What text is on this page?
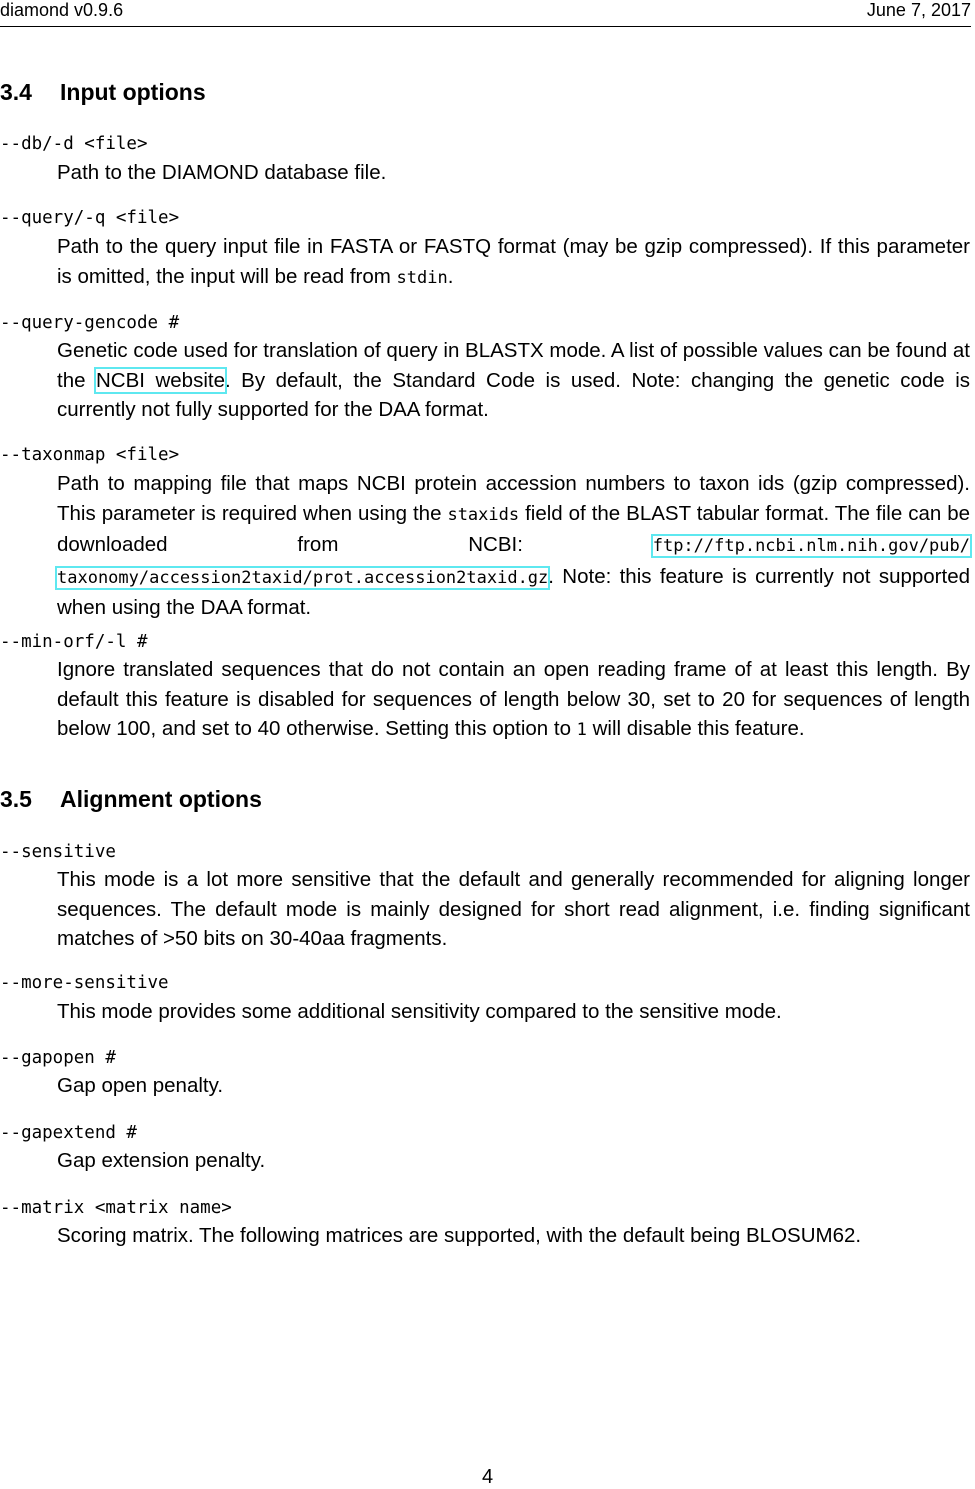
diamond v0.9.6	June 7, 2017
3.4 Input options
--db/-d <file>

Path to the DIAMOND database file.

--query/-q <file>

Path to the query input file in FASTA or FASTQ format (may be gzip compressed). If this parameter is omitted, the input will be read from stdin.

--query-gencode #

Genetic code used for translation of query in BLASTX mode. A list of possible values can be found at the NCBI website. By default, the Standard Code is used. Note: changing the genetic code is currently not fully supported for the DAA format.

--taxonmap <file>

Path to mapping file that maps NCBI protein accession numbers to taxon ids (gzip compressed). This parameter is required when using the staxids field of the BLAST tabular format. The file can be downloaded from NCBI: ftp://ftp.ncbi.nlm.nih.gov/pub/ taxonomy/accession2taxid/prot.accession2taxid.gz. Note: this feature is currently not supported when using the DAA format.

--min-orf/-l #

Ignore translated sequences that do not contain an open reading frame of at least this length. By default this feature is disabled for sequences of length below 30, set to 20 for sequences of length below 100, and set to 40 otherwise. Setting this option to 1 will disable this feature.

3.5 Alignment options
--sensitive

This mode is a lot more sensitive that the default and generally recommended for aligning longer sequences. The default mode is mainly designed for short read alignment, i.e. finding significant matches of >50 bits on 30-40aa fragments.

--more-sensitive

This mode provides some additional sensitivity compared to the sensitive mode.

--gapopen #

Gap open penalty.

--gapextend #

Gap extension penalty.

--matrix <matrix name>

Scoring matrix. The following matrices are supported, with the default being BLOSUM62.

4
